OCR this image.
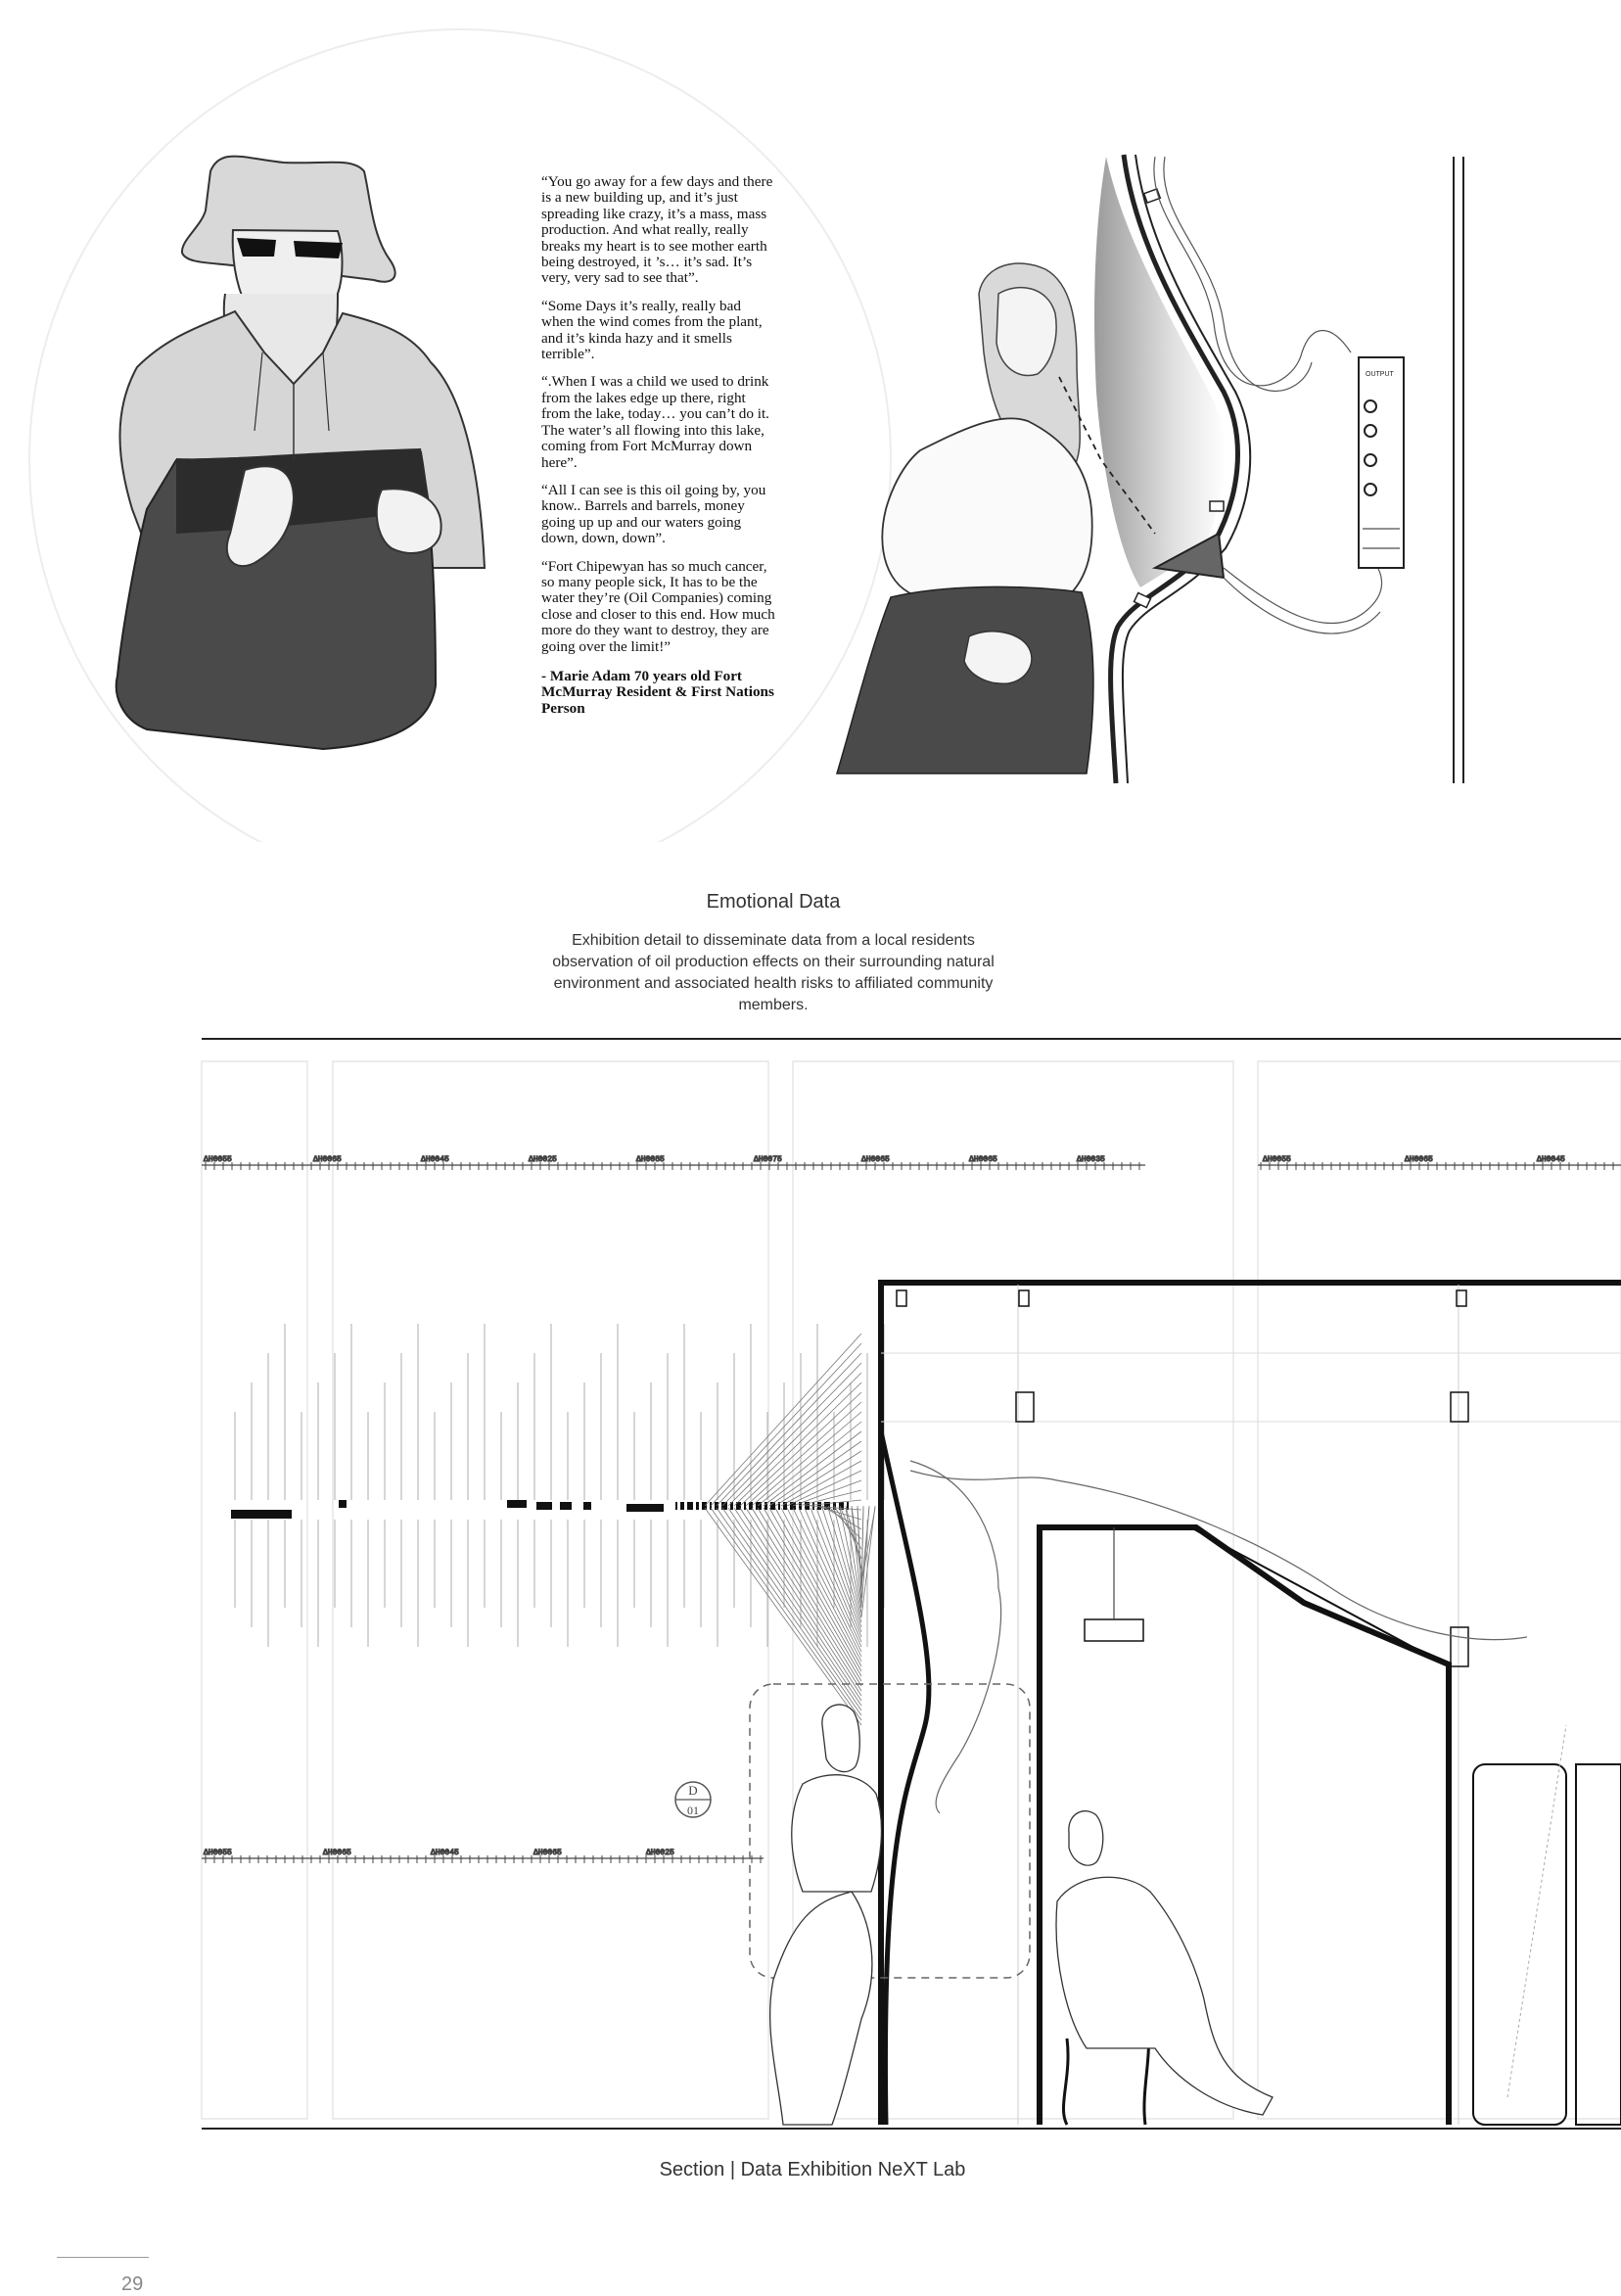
OUTPUT

“You go away for a few days and there is a new building up, and it’s just spreading like crazy, it’s a mass, mass production. And what really, really breaks my heart is to see mother earth being destroyed, it ’s… it’s sad. It’s very, very sad to see that”.

“Some Days it’s really, really bad when the wind comes from the plant, and it’s kinda hazy and it smells terrible”.

“.When I was a child we used to drink from the lakes edge up there, right from the lake, today… you can’t do it. The water’s all flowing into this lake, coming from Fort McMurray down here”.

“All I can see is this oil going by, you know.. Barrels and barrels, money going up up and our waters going down, down, down”.

“Fort Chipewyan has so much cancer, so many people sick, It has to be the water they’re (Oil Companies) coming close and closer to this end. How much more do they want to destroy, they are going over the limit!”

- Marie Adam 70 years old Fort McMurray Resident & First Nations Person

Emotional Data
Exhibition detail to disseminate data from a local residents observation of oil production effects on their surrounding natural environment and associated health risks to affiliated community members.
ΔH0055	ΔH0065	ΔH0045	ΔH0025	ΔH0085	ΔH0075	ΔH0065	ΔH0065	ΔH0035	ΔH0055	ΔH0065	ΔH0045
ΔH0055	ΔH0065	ΔH0045	ΔH0065	ΔH0025
D
01
Section | Data Exhibition NeXT Lab
29
